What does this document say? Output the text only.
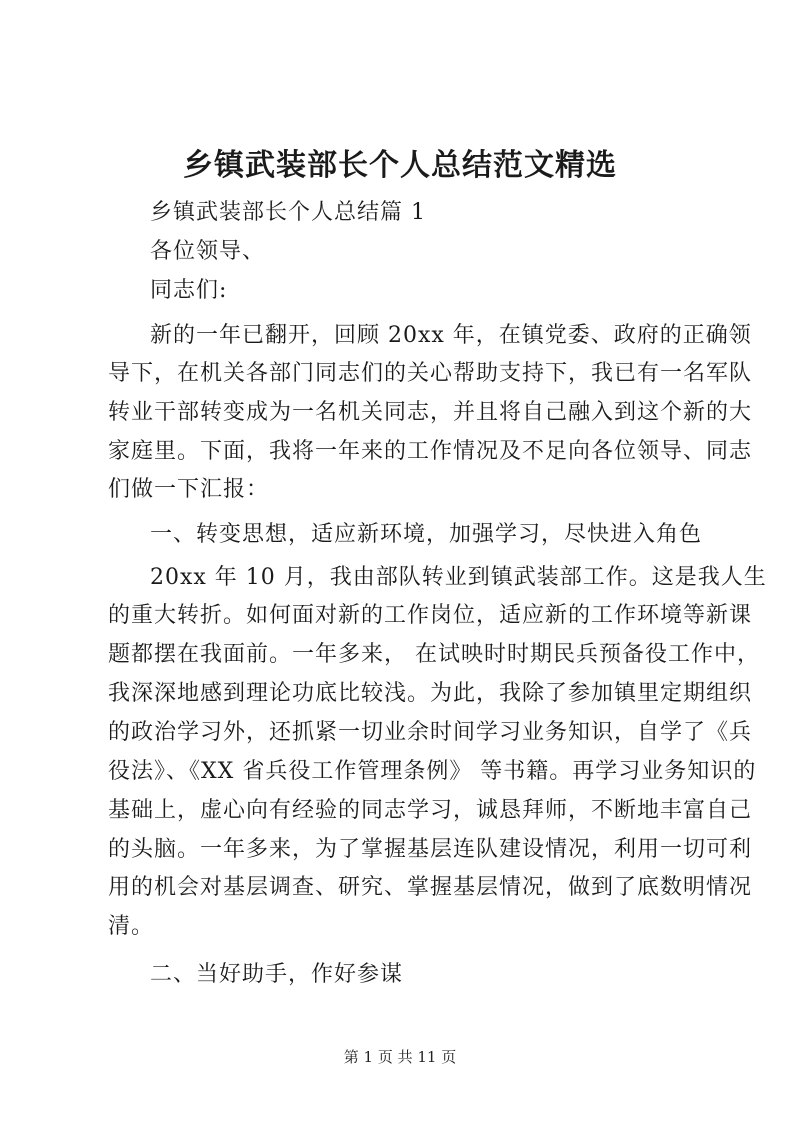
乡镇武装部长个人总结范文精选
乡镇武装部长个人总结篇 1
各位领导、
同志们:
新的一年已翻开，回顾 20xx 年，在镇党委、政府的正确领
导下，在机关各部门同志们的关心帮助支持下，我已有一名军队
转业干部转变成为一名机关同志，并且将自己融入到这个新的大
家庭里。下面，我将一年来的工作情况及不足向各位领导、同志
们做一下汇报：
一、转变思想，适应新环境，加强学习，尽快进入角色
20xx 年 10 月，我由部队转业到镇武装部工作。这是我人生
的重大转折。如何面对新的工作岗位，适应新的工作环境等新课
题都摆在我面前。一年多来， 在试映时时期民兵预备役工作中，
我深深地感到理论功底比较浅。为此，我除了参加镇里定期组织
的政治学习外，还抓紧一切业余时间学习业务知识，自学了《兵
役法》、《XX 省兵役工作管理条例》 等书籍。再学习业务知识的
基础上，虚心向有经验的同志学习，诚恳拜师，不断地丰富自己
的头脑。一年多来，为了掌握基层连队建设情况，利用一切可利
用的机会对基层调查、研究、掌握基层情况，做到了底数明情况
清。
二、当好助手，作好参谋
第 1 页 共 11 页
